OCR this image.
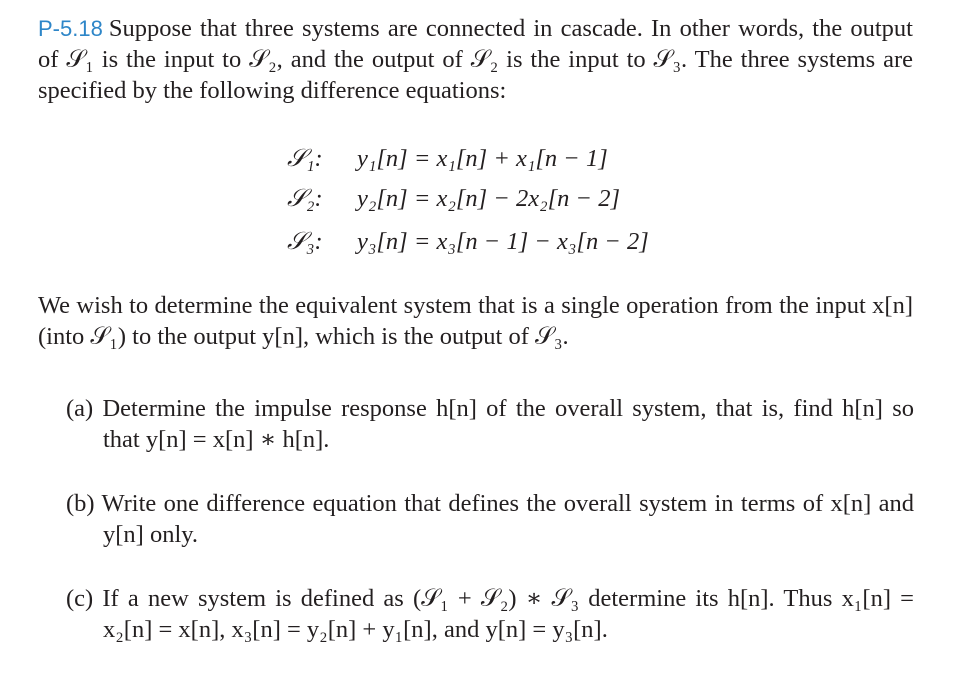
P-5.18 Suppose that three systems are connected in cascade. In other words, the output
of 𝒮₁ is the input to 𝒮₂, and the output of 𝒮₂ is the input to 𝒮₃. The three systems are
specified by the following difference equations:
𝒮₁: y₁[n] = x₁[n] + x₁[n − 1]
𝒮₂: y₂[n] = x₂[n] − 2x₂[n − 2]
𝒮₃: y₃[n] = x₃[n − 1] − x₃[n − 2]
We wish to determine the equivalent system that is a single operation from the input x[n]
(into 𝒮₁) to the output y[n], which is the output of 𝒮₃.
(a) Determine the impulse response h[n] of the overall system, that is, find h[n] so
that y[n] = x[n] ∗ h[n].
(b) Write one difference equation that defines the overall system in terms of x[n] and
y[n] only.
(c) If a new system is defined as (𝒮₁ + 𝒮₂) ∗ 𝒮₃ determine its h[n]. Thus x₁[n] =
x₂[n] = x[n], x₃[n] = y₂[n] + y₁[n], and y[n] = y₃[n].
